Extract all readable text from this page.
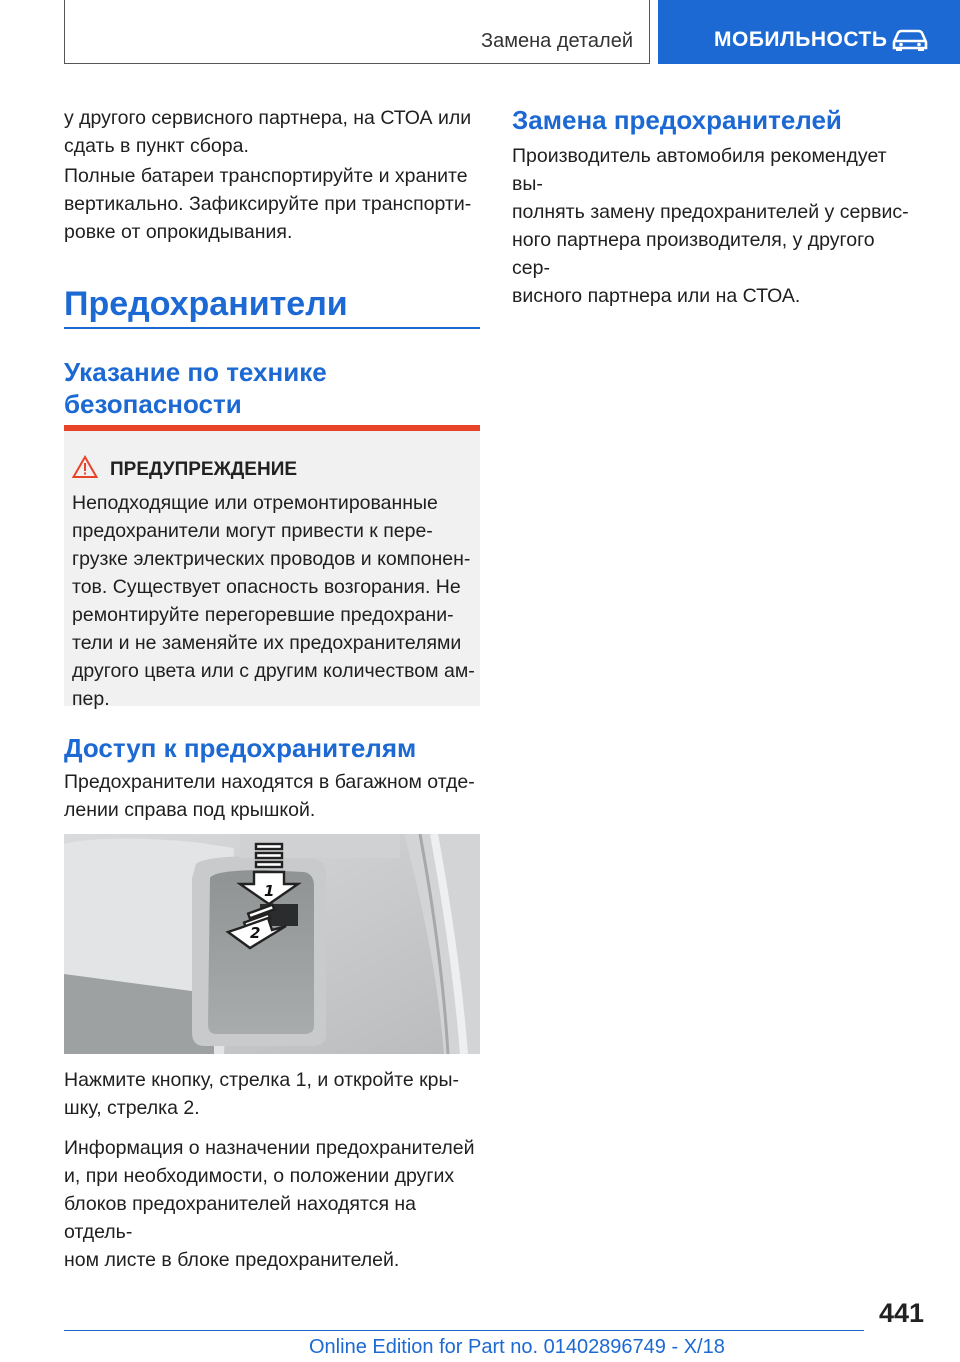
Замена деталей	МОБИЛЬНОСТЬ

у другого сервисного партнера, на СТОА или

сдать в пункт сбора.

Полные батареи транспортируйте и храните

вертикально. Зафиксируйте при транспорти-

ровке от опрокидывания.

Предохранители
Указание по технике
безопасности
ПРЕДУПРЕЖДЕНИЕ

Неподходящие или отремонтированные

предохранители могут привести к пере-

грузке электрических проводов и компонен-

тов. Существует опасность возгорания. Не

ремонтируйте перегоревшие предохрани-

тели и не заменяйте их предохранителями

другого цвета или с другим количеством ам-

пер.

Доступ к предохранителям

Предохранители находятся в багажном отде-

лении справа под крышкой.

1
2

Нажмите кнопку, стрелка 1, и откройте кры-

шку, стрелка 2.

Информация о назначении предохранителей

и, при необходимости, о положении других

блоков предохранителей находятся на отдель-

ном листе в блоке предохранителей.

Замена предохранителей

Производитель автомобиля рекомендует вы-

полнять замену предохранителей у сервис-

ного партнера производителя, у другого сер-

висного партнера или на СТОА.

441
Online Edition for Part no. 01402896749 - X/18
